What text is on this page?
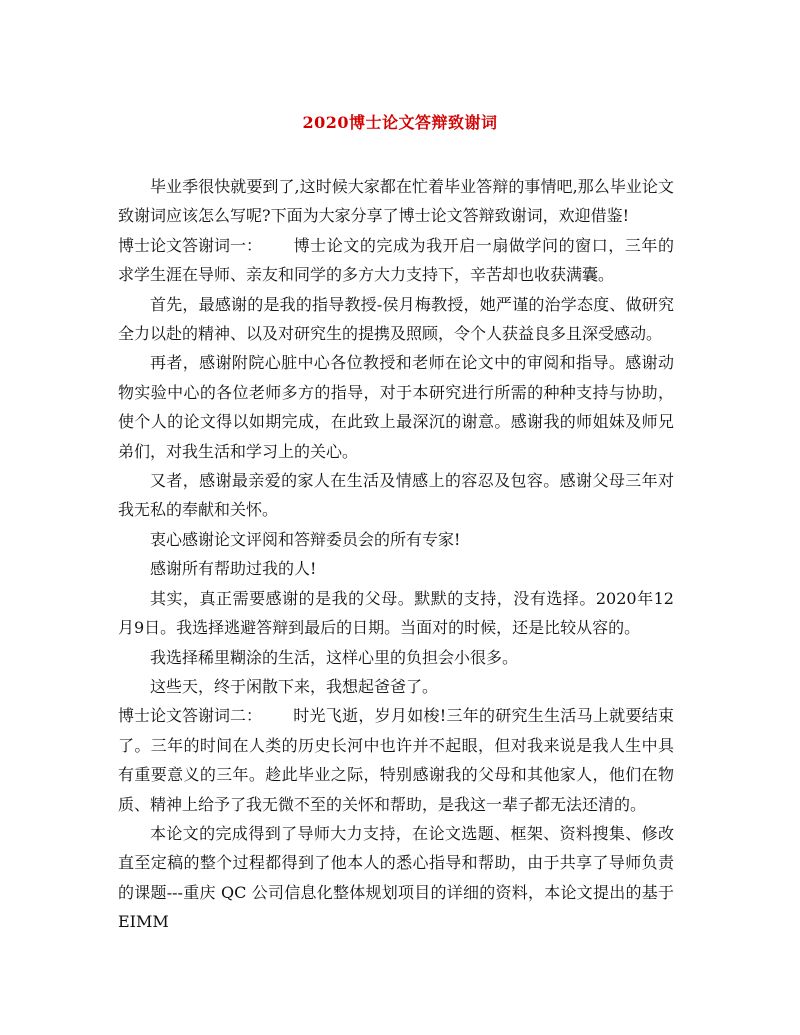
2020博士论文答辩致谢词

毕业季很快就要到了,这时候大家都在忙着毕业答辩的事情吧,那么毕业论文致谢词应该怎么写呢?下面为大家分享了博士论文答辩致谢词，欢迎借鉴!

博士论文答谢词一： 博士论文的完成为我开启一扇做学问的窗口，三年的求学生涯在导师、亲友和同学的多方大力支持下，辛苦却也收获满囊。

首先，最感谢的是我的指导教授-侯月梅教授，她严谨的治学态度、做研究全力以赴的精神、以及对研究生的提携及照顾，令个人获益良多且深受感动。

再者，感谢附院心脏中心各位教授和老师在论文中的审阅和指导。感谢动物实验中心的各位老师多方的指导，对于本研究进行所需的种种支持与协助，使个人的论文得以如期完成，在此致上最深沉的谢意。感谢我的师姐妹及师兄弟们，对我生活和学习上的关心。

又者，感谢最亲爱的家人在生活及情感上的容忍及包容。感谢父母三年对我无私的奉献和关怀。

衷心感谢论文评阅和答辩委员会的所有专家!

感谢所有帮助过我的人!

其实，真正需要感谢的是我的父母。默默的支持，没有选择。2020年12月9日。我选择逃避答辩到最后的日期。当面对的时候，还是比较从容的。

我选择稀里糊涂的生活，这样心里的负担会小很多。

这些天，终于闲散下来，我想起爸爸了。

博士论文答谢词二： 时光飞逝，岁月如梭!三年的研究生生活马上就要结束了。三年的时间在人类的历史长河中也许并不起眼，但对我来说是我人生中具有重要意义的三年。趁此毕业之际，特别感谢我的父母和其他家人，他们在物质、精神上给予了我无微不至的关怀和帮助，是我这一辈子都无法还清的。

本论文的完成得到了导师大力支持，在论文选题、框架、资料搜集、修改直至定稿的整个过程都得到了他本人的悉心指导和帮助，由于共享了导师负责的课题---重庆 QC 公司信息化整体规划项目的详细的资料，本论文提出的基于 EIMM
